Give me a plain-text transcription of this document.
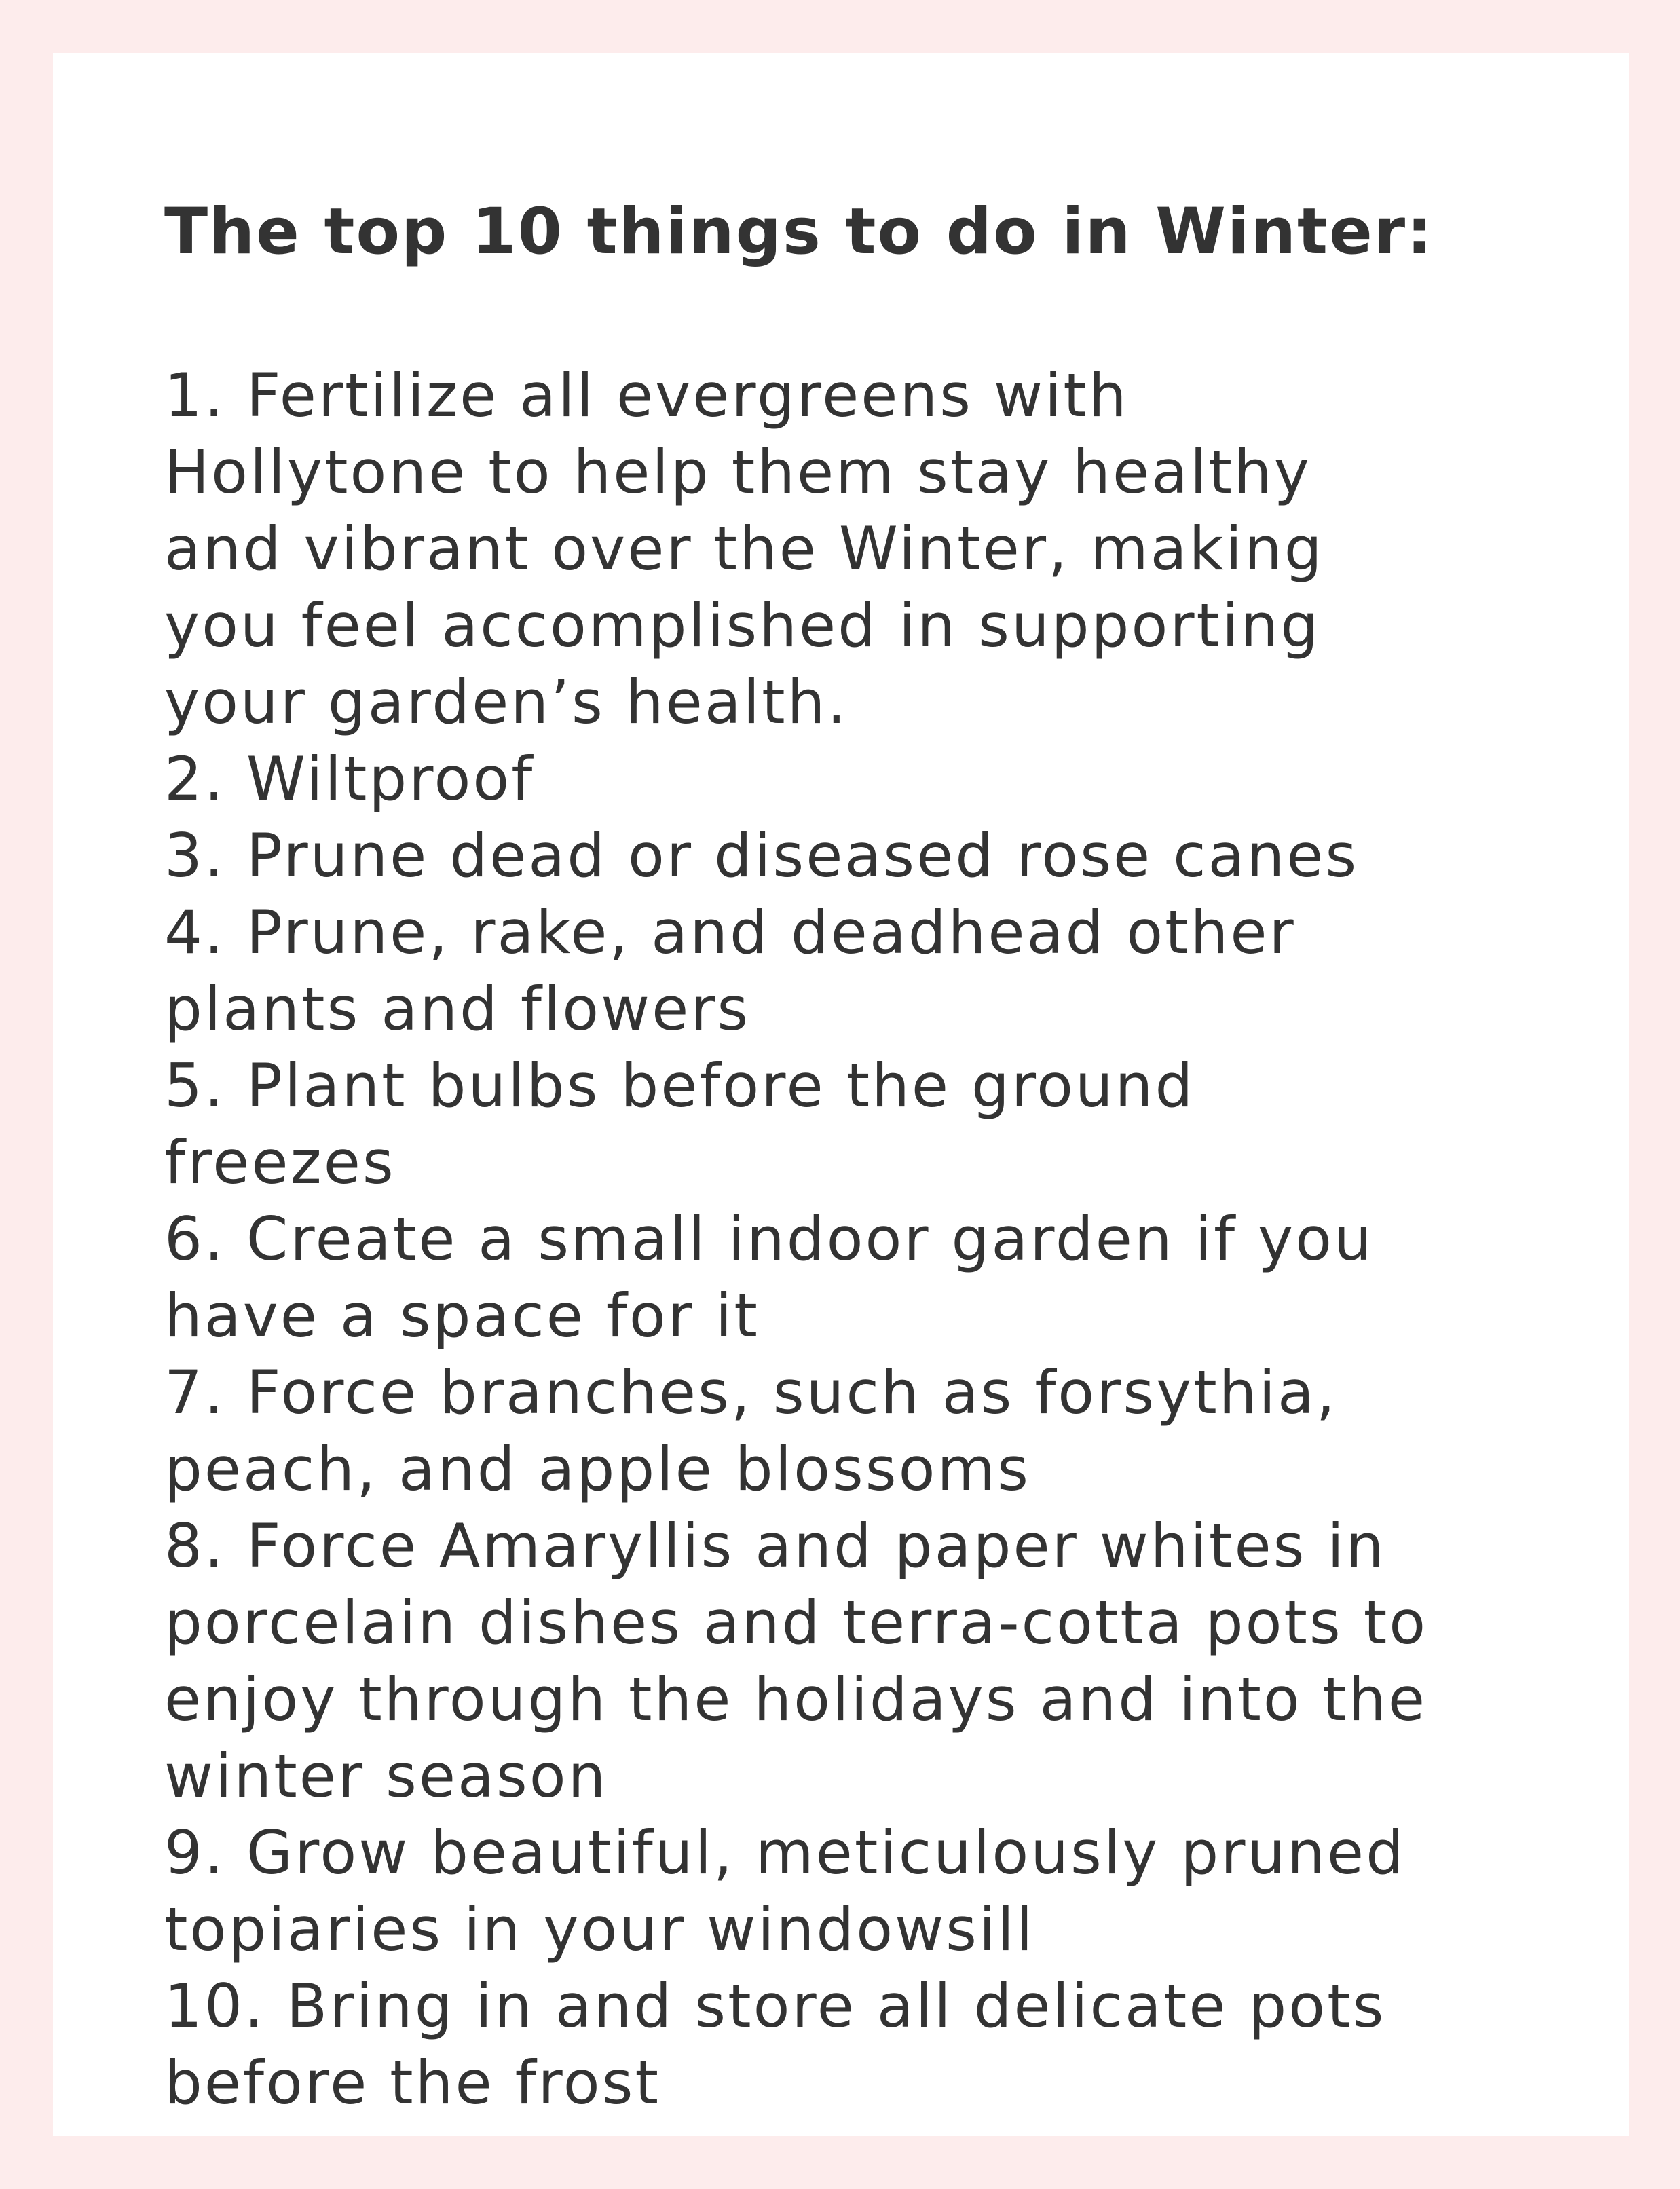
The top 10 things to do in Winter:
1. Fertilize all evergreens with
Hollytone to help them stay healthy
and vibrant over the Winter, making
you feel accomplished in supporting
your garden’s health.
2. Wiltproof
3. Prune dead or diseased rose canes
4. Prune, rake, and deadhead other
plants and flowers
5. Plant bulbs before the ground
freezes
6. Create a small indoor garden if you
have a space for it
7. Force branches, such as forsythia,
peach, and apple blossoms
8. Force Amaryllis and paper whites in
porcelain dishes and terra-cotta pots to
enjoy through the holidays and into the
winter season
9. Grow beautiful, meticulously pruned
topiaries in your windowsill
10. Bring in and store all delicate pots
before the frost
